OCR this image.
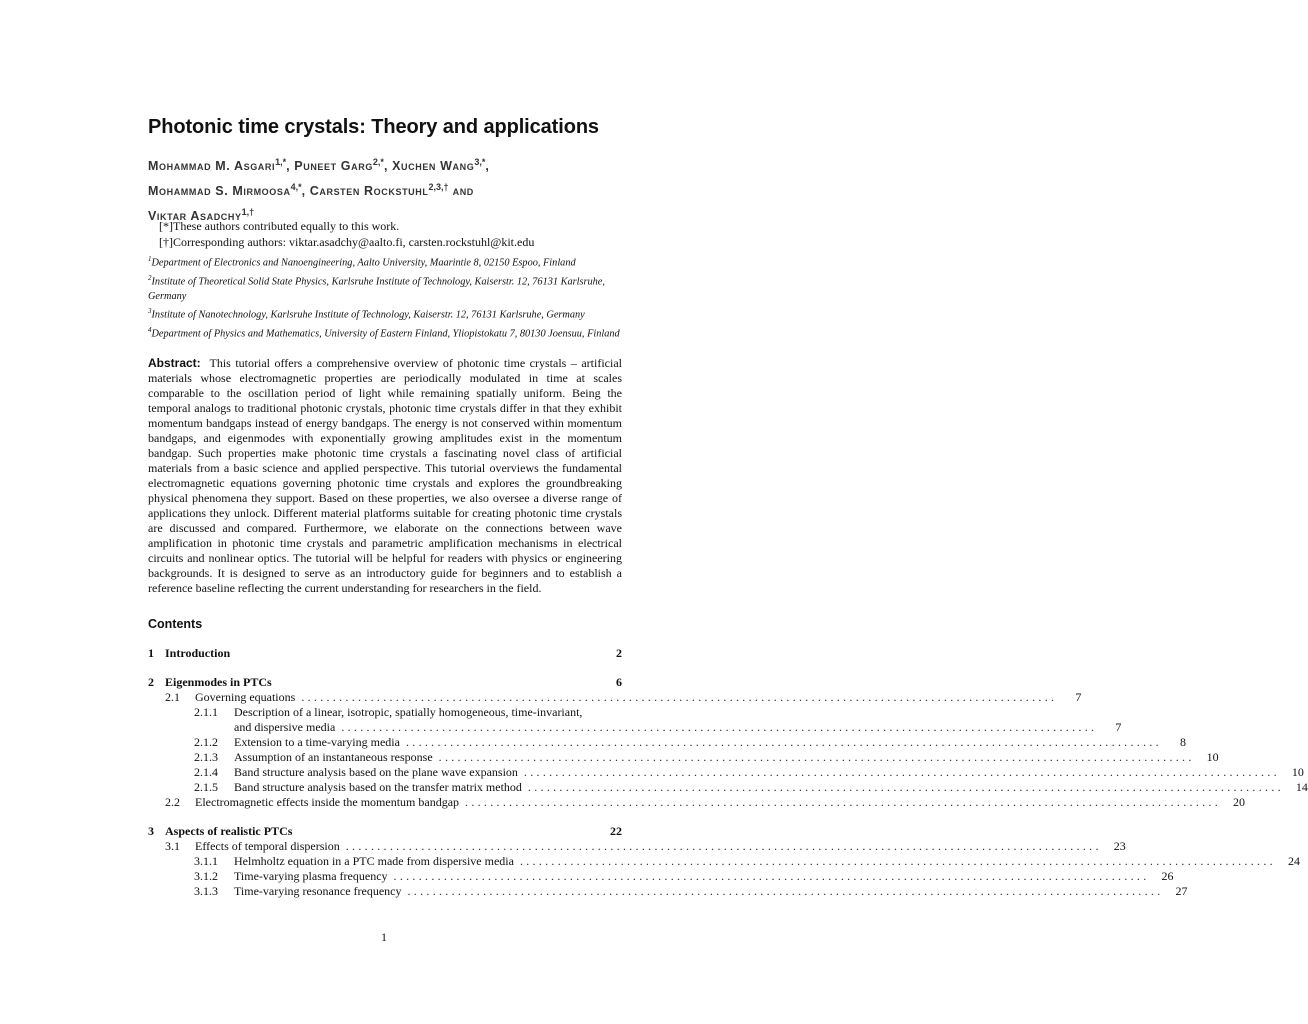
Photonic time crystals: Theory and applications
Mohammad M. Asgari$^{1,*}$, Puneet Garg$^{2,*}$, Xuchen Wang$^{3,*}$,
Mohammad S. Mirmoosa$^{4,*}$, Carsten Rockstuhl$^{2,3,\dagger}$ and
Viktar Asadchy$^{1,\dagger}$
[*]These authors contributed equally to this work.
[†]Corresponding authors: viktar.asadchy@aalto.fi, carsten.rockstuhl@kit.edu
$^1$Department of Electronics and Nanoengineering, Aalto University, Maarintie 8, 02150 Espoo, Finland
$^2$Institute of Theoretical Solid State Physics, Karlsruhe Institute of Technology, Kaiserstr. 12, 76131 Karlsruhe, Germany
$^3$Institute of Nanotechnology, Karlsruhe Institute of Technology, Kaiserstr. 12, 76131 Karlsruhe, Germany
$^4$Department of Physics and Mathematics, University of Eastern Finland, Yliopistokatu 7, 80130 Joensuu, Finland
Abstract: This tutorial offers a comprehensive overview of photonic time crystals – artificial materials whose electromagnetic properties are periodically modulated in time at scales comparable to the oscillation period of light while remaining spatially uniform. Being the temporal analogs to traditional photonic crystals, photonic time crystals differ in that they exhibit momentum bandgaps instead of energy bandgaps. The energy is not conserved within momentum bandgaps, and eigenmodes with exponentially growing amplitudes exist in the momentum bandgap. Such properties make photonic time crystals a fascinating novel class of artificial materials from a basic science and applied perspective. This tutorial overviews the fundamental electromagnetic equations governing photonic time crystals and explores the groundbreaking physical phenomena they support. Based on these properties, we also oversee a diverse range of applications they unlock. Different material platforms suitable for creating photonic time crystals are discussed and compared. Furthermore, we elaborate on the connections between wave amplification in photonic time crystals and parametric amplification mechanisms in electrical circuits and nonlinear optics. The tutorial will be helpful for readers with physics or engineering backgrounds. It is designed to serve as an introductory guide for beginners and to establish a reference baseline reflecting the current understanding for researchers in the field.
Contents
1 Introduction	2
2 Eigenmodes in PTCs	6
2.1	Governing equations ........................................................................................................................	7
2.1.1	Description of a linear, isotropic, spatially homogeneous, time-invariant,
and dispersive media ........................................................................................................................	7
2.1.2	Extension to a time-varying media ........................................................................................................................	8
2.1.3	Assumption of an instantaneous response ........................................................................................................................	10
2.1.4	Band structure analysis based on the plane wave expansion ........................................................................................................................	10
2.1.5	Band structure analysis based on the transfer matrix method ........................................................................................................................	14
2.2	Electromagnetic effects inside the momentum bandgap ........................................................................................................................	20
3 Aspects of realistic PTCs	22
3.1	Effects of temporal dispersion ........................................................................................................................	23
3.1.1	Helmholtz equation in a PTC made from dispersive media ........................................................................................................................	24
3.1.2	Time-varying plasma frequency ........................................................................................................................	26
3.1.3	Time-varying resonance frequency ........................................................................................................................	27
1
